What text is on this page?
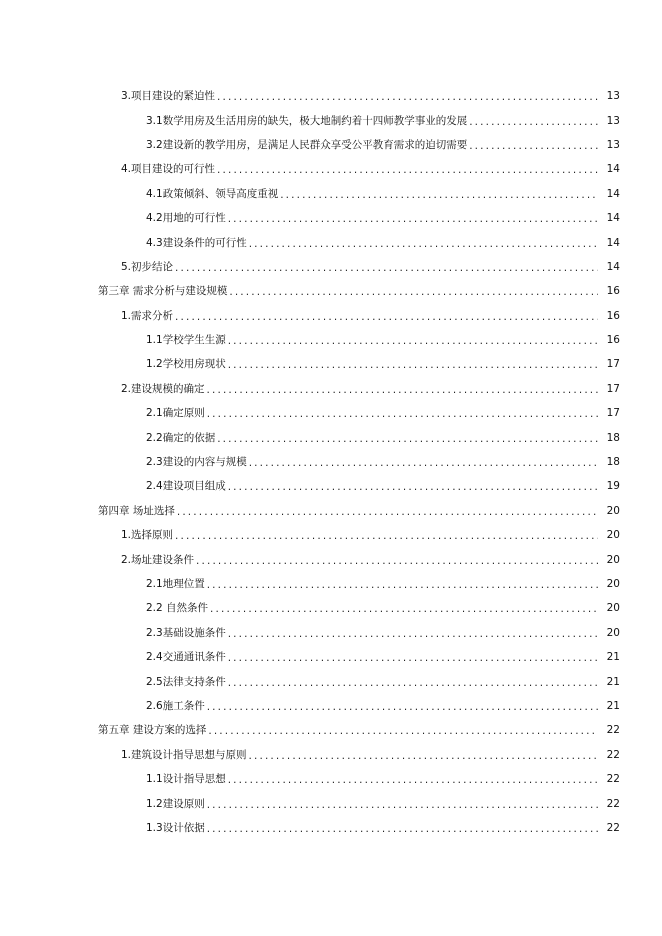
3.项目建设的紧迫性 . . .	13
3.1数学用房及生活用房的缺失，极大地制约着十四师教学事业的发展 . . .	13
3.2建设新的教学用房，是满足人民群众享受公平教育需求的迫切需要 . . .	13
4.项目建设的可行性 . . .	14
4.1政策倾斜、领导高度重视 . . .	14
4.2用地的可行性 . . .	14
4.3建设条件的可行性 . . .	14
5.初步结论 . . .	14
第三章 需求分析与建设规模 . . .	16
1.需求分析 . . .	16
1.1学校学生生源 . . .	16
1.2学校用房现状 . . .	17
2.建设规模的确定 . . .	17
2.1确定原则 . . .	17
2.2确定的依据 . . .	18
2.3建设的内容与规模 . . .	18
2.4建设项目组成 . . .	19
第四章 场址选择 . . .	20
1.选择原则 . . .	20
2.场址建设条件 . . .	20
2.1地理位置 . . .	20
2.2 自然条件 . . .	20
2.3基础设施条件 . . .	20
2.4交通通讯条件 . . .	21
2.5法律支持条件 . . .	21
2.6施工条件 . . .	21
第五章 建设方案的选择 . . .	22
1.建筑设计指导思想与原则 . . .	22
1.1设计指导思想 . . .	22
1.2建设原则 . . .	22
1.3设计依据 . . .	22
